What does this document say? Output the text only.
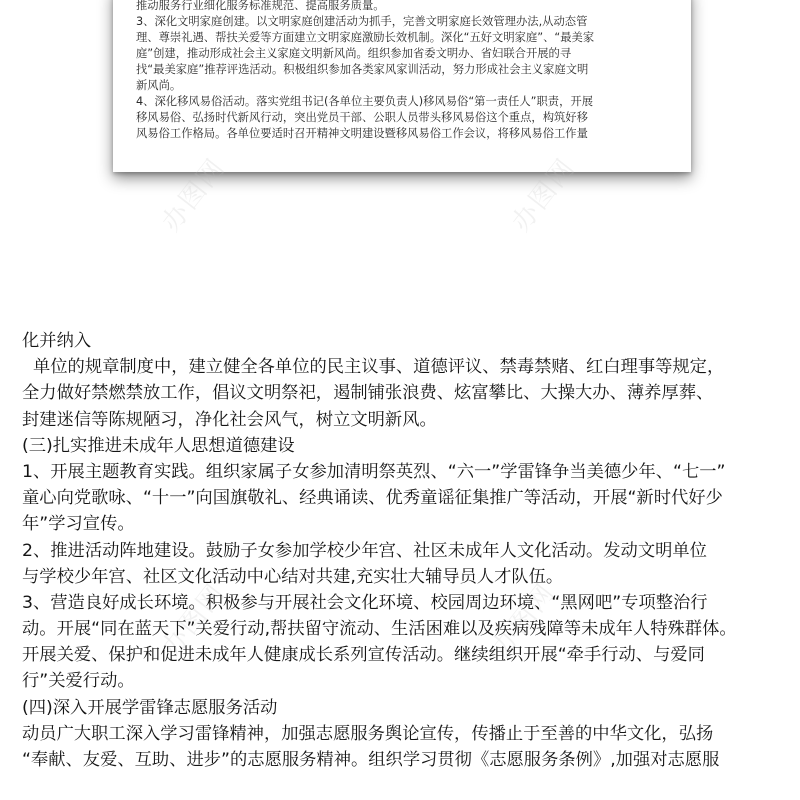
推动服务行业细化服务标准规范、提高服务质量。
3、深化文明家庭创建。以文明家庭创建活动为抓手，完善文明家庭长效管理办法,从动态管
理、尊崇礼遇、帮扶关爱等方面建立文明家庭激励长效机制。深化“五好文明家庭”、“最美家
庭”创建，推动形成社会主义家庭文明新风尚。组织参加省委文明办、省妇联合开展的寻
找“最美家庭”推荐评选活动。积极组织参加各类家风家训活动，努力形成社会主义家庭文明
新风尚。
4、深化移风易俗活动。落实党组书记(各单位主要负责人)移风易俗“第一责任人”职责，开展
移风易俗、弘扬时代新风行动，突出党员干部、公职人员带头移风易俗这个重点，构筑好移
风易俗工作格局。各单位要适时召开精神文明建设暨移风易俗工作会议，将移风易俗工作量
办图网	办图网
办图网	办图网
化并纳入
单位的规章制度中，建立健全各单位的民主议事、道德评议、禁毒禁赌、红白理事等规定，
全力做好禁燃禁放工作，倡议文明祭祀，遏制铺张浪费、炫富攀比、大操大办、薄养厚葬、
封建迷信等陈规陋习，净化社会风气，树立文明新风。
(三)扎实推进未成年人思想道德建设
1、开展主题教育实践。组织家属子女参加清明祭英烈、“六一”学雷锋争当美德少年、“七一”
童心向党歌咏、“十一”向国旗敬礼、经典诵读、优秀童谣征集推广等活动，开展“新时代好少
年”学习宣传。
2、推进活动阵地建设。鼓励子女参加学校少年宫、社区未成年人文化活动。发动文明单位
与学校少年宫、社区文化活动中心结对共建,充实壮大辅导员人才队伍。
3、营造良好成长环境。积极参与开展社会文化环境、校园周边环境、“黑网吧”专项整治行
动。开展“同在蓝天下”关爱行动,帮扶留守流动、生活困难以及疾病残障等未成年人特殊群体。
开展关爱、保护和促进未成年人健康成长系列宣传活动。继续组织开展“牵手行动、与爱同
行”关爱行动。
(四)深入开展学雷锋志愿服务活动
动员广大职工深入学习雷锋精神，加强志愿服务舆论宣传，传播止于至善的中华文化，弘扬
“奉献、友爱、互助、进步”的志愿服务精神。组织学习贯彻《志愿服务条例》,加强对志愿服
